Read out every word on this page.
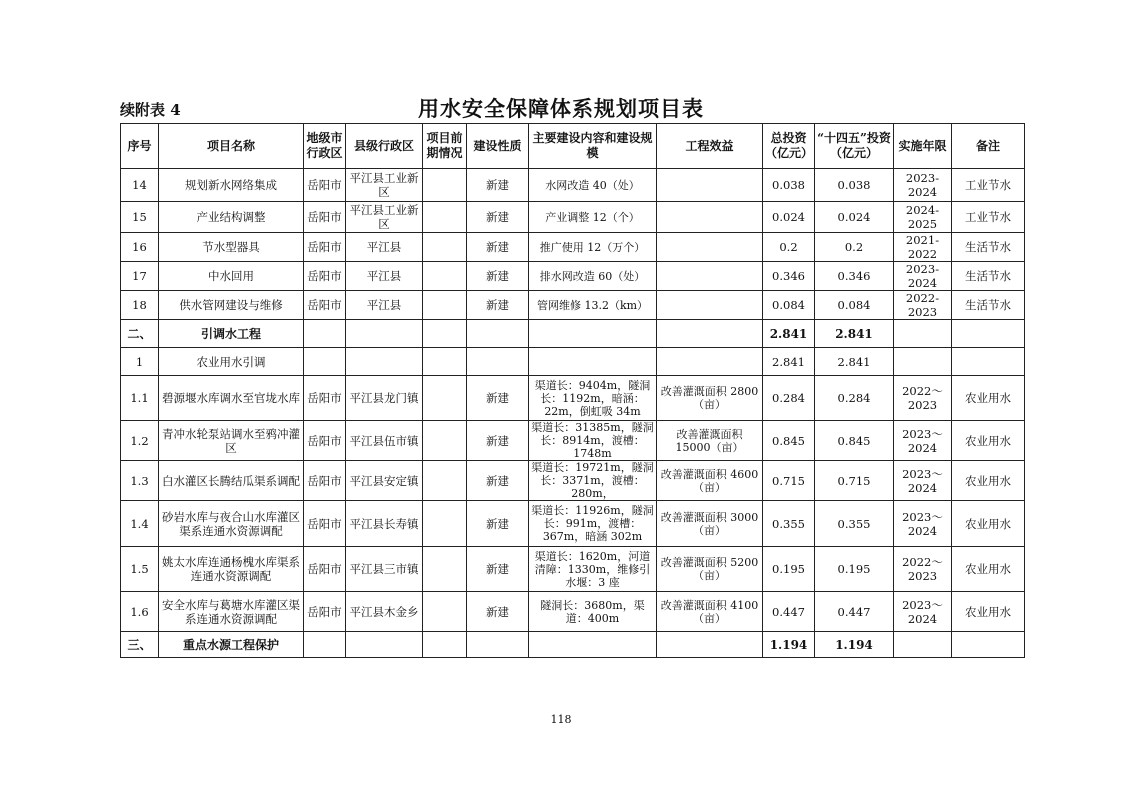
续附表 4	用水安全保障体系规划项目表
序号	项目名称	地级市行政区	县级行政区	项目前期情况	建设性质	主要建设内容和建设规模	工程效益	总投资（亿元）	“十四五”投资（亿元）	实施年限	备注
14	规划新水网络集成	岳阳市	平江县工业新区		新建	水网改造 40（处）		0.038	0.038	2023-2024	工业节水
15	产业结构调整	岳阳市	平江县工业新区		新建	产业调整 12（个）		0.024	0.024	2024-2025	工业节水
16	节水型器具	岳阳市	平江县		新建	推广使用 12（万个）		0.2	0.2	2021-2022	生活节水
17	中水回用	岳阳市	平江县		新建	排水网改造 60（处）		0.346	0.346	2023-2024	生活节水
18	供水管网建设与维修	岳阳市	平江县		新建	管网维修 13.2（km）		0.084	0.084	2022-2023	生活节水
二、	引调水工程							2.841	2.841		
1	农业用水引调							2.841	2.841		
1.1	碧源堰水库调水至官垅水库	岳阳市	平江县龙门镇		新建	渠道长：9404m，隧洞长：1192m，暗涵：22m，倒虹吸 34m	改善灌溉面积 2800（亩）	0.284	0.284	2022～2023	农业用水
1.2	青冲水轮泵站调水至鸦冲灌区	岳阳市	平江县伍市镇		新建	渠道长：31385m，隧洞长：8914m，渡槽：1748m	改善灌溉面积 15000（亩）	0.845	0.845	2023～2024	农业用水
1.3	白水灌区长腾结瓜渠系调配	岳阳市	平江县安定镇		新建	渠道长：19721m，隧洞长：3371m，渡槽：280m，	改善灌溉面积 4600（亩）	0.715	0.715	2023～2024	农业用水
1.4	砂岩水库与夜合山水库灌区渠系连通水资源调配	岳阳市	平江县长寿镇		新建	渠道长：11926m，隧洞长：991m，渡槽：367m，暗涵 302m	改善灌溉面积 3000（亩）	0.355	0.355	2023～2024	农业用水
1.5	姚太水库连通杨槐水库渠系连通水资源调配	岳阳市	平江县三市镇		新建	渠道长：1620m，河道清障：1330m，维修引水堰：3 座	改善灌溉面积 5200（亩）	0.195	0.195	2022～2023	农业用水
1.6	安全水库与葛塘水库灌区渠系连通水资源调配	岳阳市	平江县木金乡		新建	隧洞长：3680m，渠道：400m	改善灌溉面积 4100（亩）	0.447	0.447	2023～2024	农业用水
三、	重点水源工程保护							1.194	1.194		
118
